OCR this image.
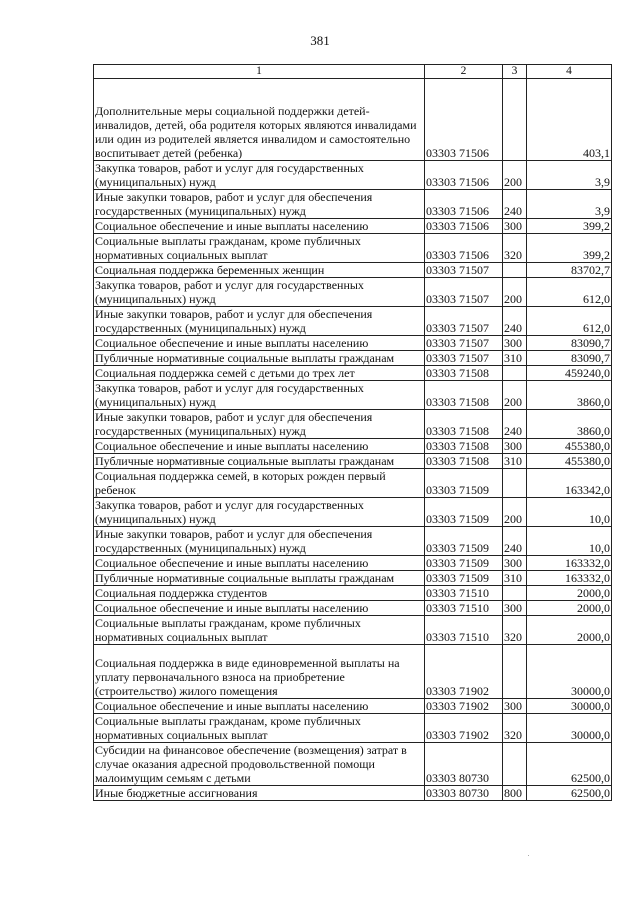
381
1	2	3	4
Дополнительные меры социальной поддержки детей-инвалидов, детей, оба родителя которых являются инвалидами или один из родителей является инвалидом и самостоятельно воспитывает детей (ребенка)	03303 71506		403,1
Закупка товаров, работ и услуг для государственных (муниципальных) нужд	03303 71506	200	3,9
Иные закупки товаров, работ и услуг для обеспечения государственных (муниципальных) нужд	03303 71506	240	3,9
Социальное обеспечение и иные выплаты населению	03303 71506	300	399,2
Социальные выплаты гражданам, кроме публичных нормативных социальных выплат	03303 71506	320	399,2
Социальная поддержка беременных женщин	03303 71507		83702,7
Закупка товаров, работ и услуг для государственных (муниципальных) нужд	03303 71507	200	612,0
Иные закупки товаров, работ и услуг для обеспечения государственных (муниципальных) нужд	03303 71507	240	612,0
Социальное обеспечение и иные выплаты населению	03303 71507	300	83090,7
Публичные нормативные социальные выплаты гражданам	03303 71507	310	83090,7
Социальная поддержка семей с детьми до трех лет	03303 71508		459240,0
Закупка товаров, работ и услуг для государственных (муниципальных) нужд	03303 71508	200	3860,0
Иные закупки товаров, работ и услуг для обеспечения государственных (муниципальных) нужд	03303 71508	240	3860,0
Социальное обеспечение и иные выплаты населению	03303 71508	300	455380,0
Публичные нормативные социальные выплаты гражданам	03303 71508	310	455380,0
Социальная поддержка семей, в которых рожден первый ребенок	03303 71509		163342,0
Закупка товаров, работ и услуг для государственных (муниципальных) нужд	03303 71509	200	10,0
Иные закупки товаров, работ и услуг для обеспечения государственных (муниципальных) нужд	03303 71509	240	10,0
Социальное обеспечение и иные выплаты населению	03303 71509	300	163332,0
Публичные нормативные социальные выплаты гражданам	03303 71509	310	163332,0
Социальная поддержка студентов	03303 71510		2000,0
Социальное обеспечение и иные выплаты населению	03303 71510	300	2000,0
Социальные выплаты гражданам, кроме публичных нормативных социальных выплат	03303 71510	320	2000,0
Социальная поддержка в виде единовременной выплаты на уплату первоначального взноса на приобретение (строительство) жилого помещения	03303 71902		30000,0
Социальное обеспечение и иные выплаты населению	03303 71902	300	30000,0
Социальные выплаты гражданам, кроме публичных нормативных социальных выплат	03303 71902	320	30000,0
Субсидии на финансовое обеспечение (возмещения) затрат в случае оказания адресной продовольственной помощи малоимущим семьям с детьми	03303 80730		62500,0
Иные бюджетные ассигнования	03303 80730	800	62500,0
